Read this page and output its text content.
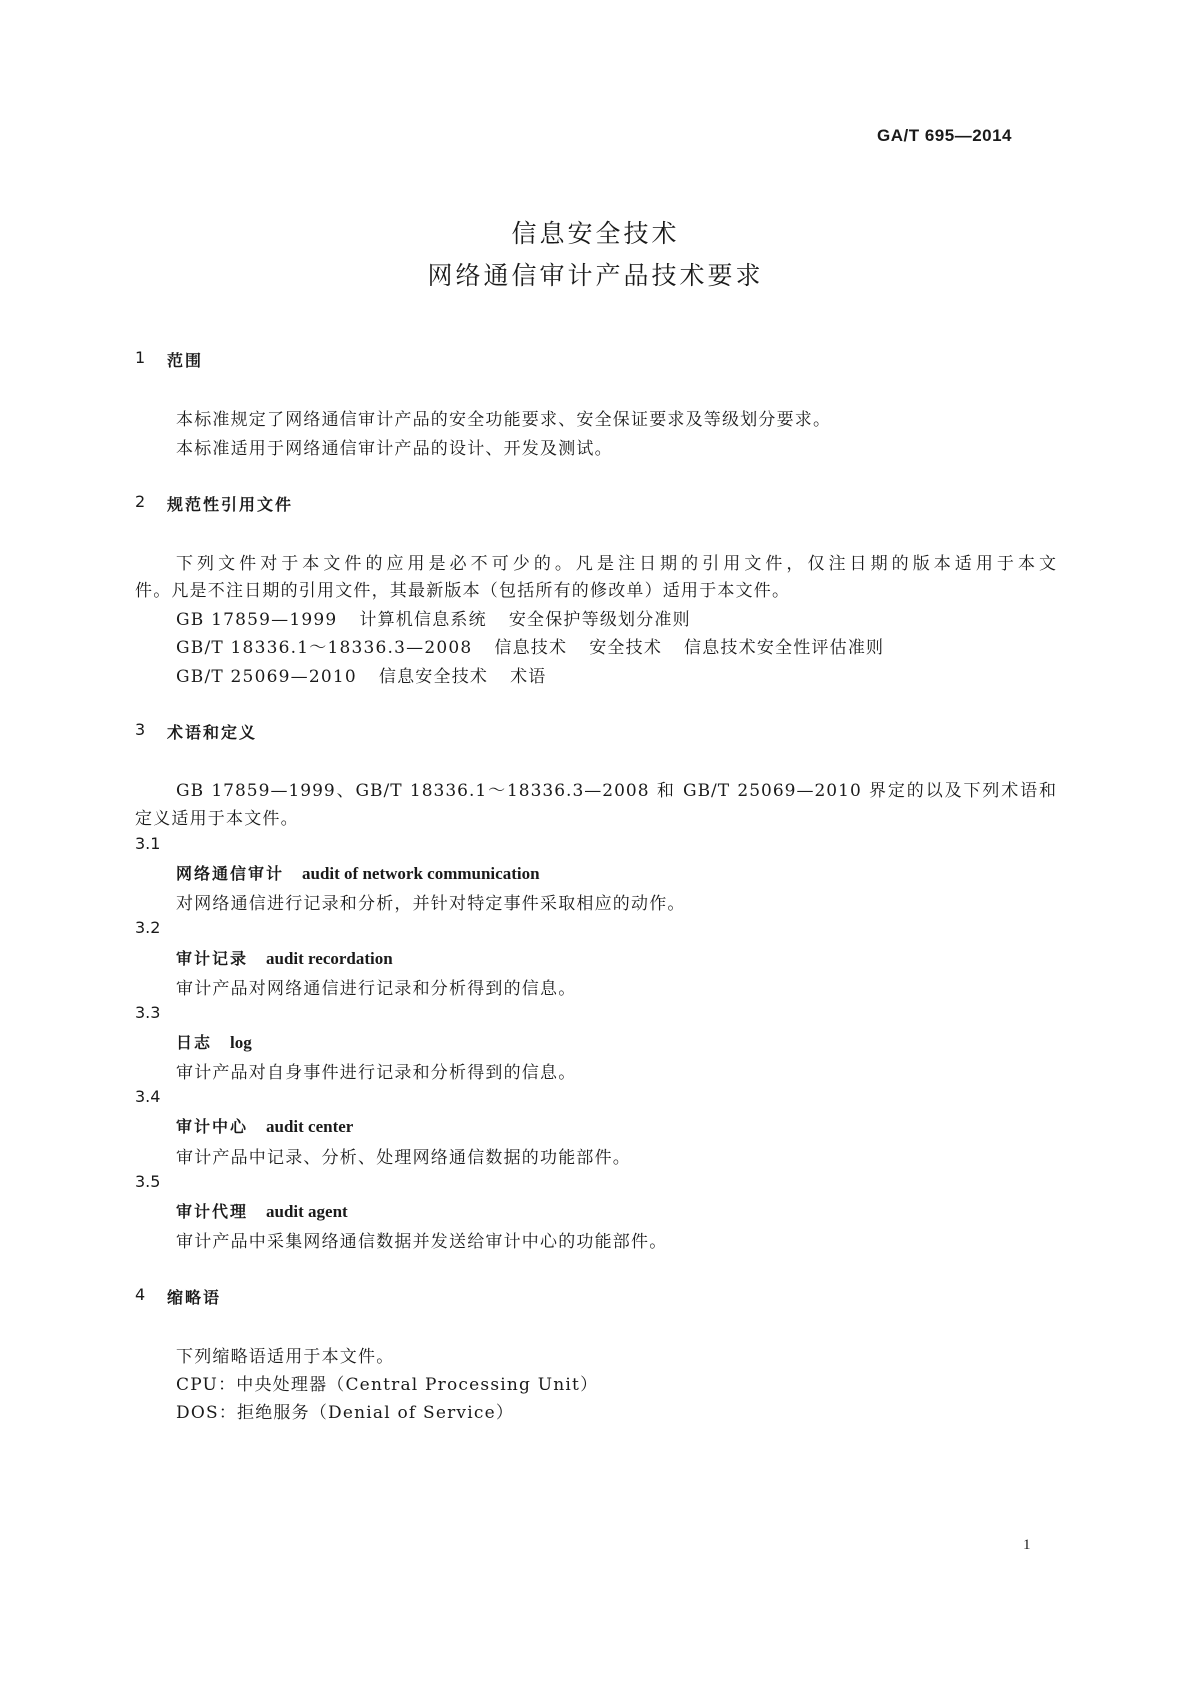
GA/T 695—2014
信息安全技术
网络通信审计产品技术要求
1 范围
本标准规定了网络通信审计产品的安全功能要求、安全保证要求及等级划分要求。
本标准适用于网络通信审计产品的设计、开发及测试。
2 规范性引用文件
下列文件对于本文件的应用是必不可少的。凡是注日期的引用文件，仅注日期的版本适用于本文
件。凡是不注日期的引用文件，其最新版本（包括所有的修改单）适用于本文件。
GB 17859—1999 计算机信息系统 安全保护等级划分准则
GB/T 18336.1～18336.3—2008 信息技术 安全技术 信息技术安全性评估准则
GB/T 25069—2010 信息安全技术 术语
3 术语和定义
GB 17859—1999、GB/T 18336.1～18336.3—2008 和 GB/T 25069—2010 界定的以及下列术语和
定义适用于本文件。
3.1
网络通信审计 audit of network communication
对网络通信进行记录和分析，并针对特定事件采取相应的动作。
3.2
审计记录 audit recordation
审计产品对网络通信进行记录和分析得到的信息。
3.3
日志 log
审计产品对自身事件进行记录和分析得到的信息。
3.4
审计中心 audit center
审计产品中记录、分析、处理网络通信数据的功能部件。
3.5
审计代理 audit agent
审计产品中采集网络通信数据并发送给审计中心的功能部件。
4 缩略语
下列缩略语适用于本文件。
CPU：中央处理器（Central Processing Unit）
DOS：拒绝服务（Denial of Service）
1
